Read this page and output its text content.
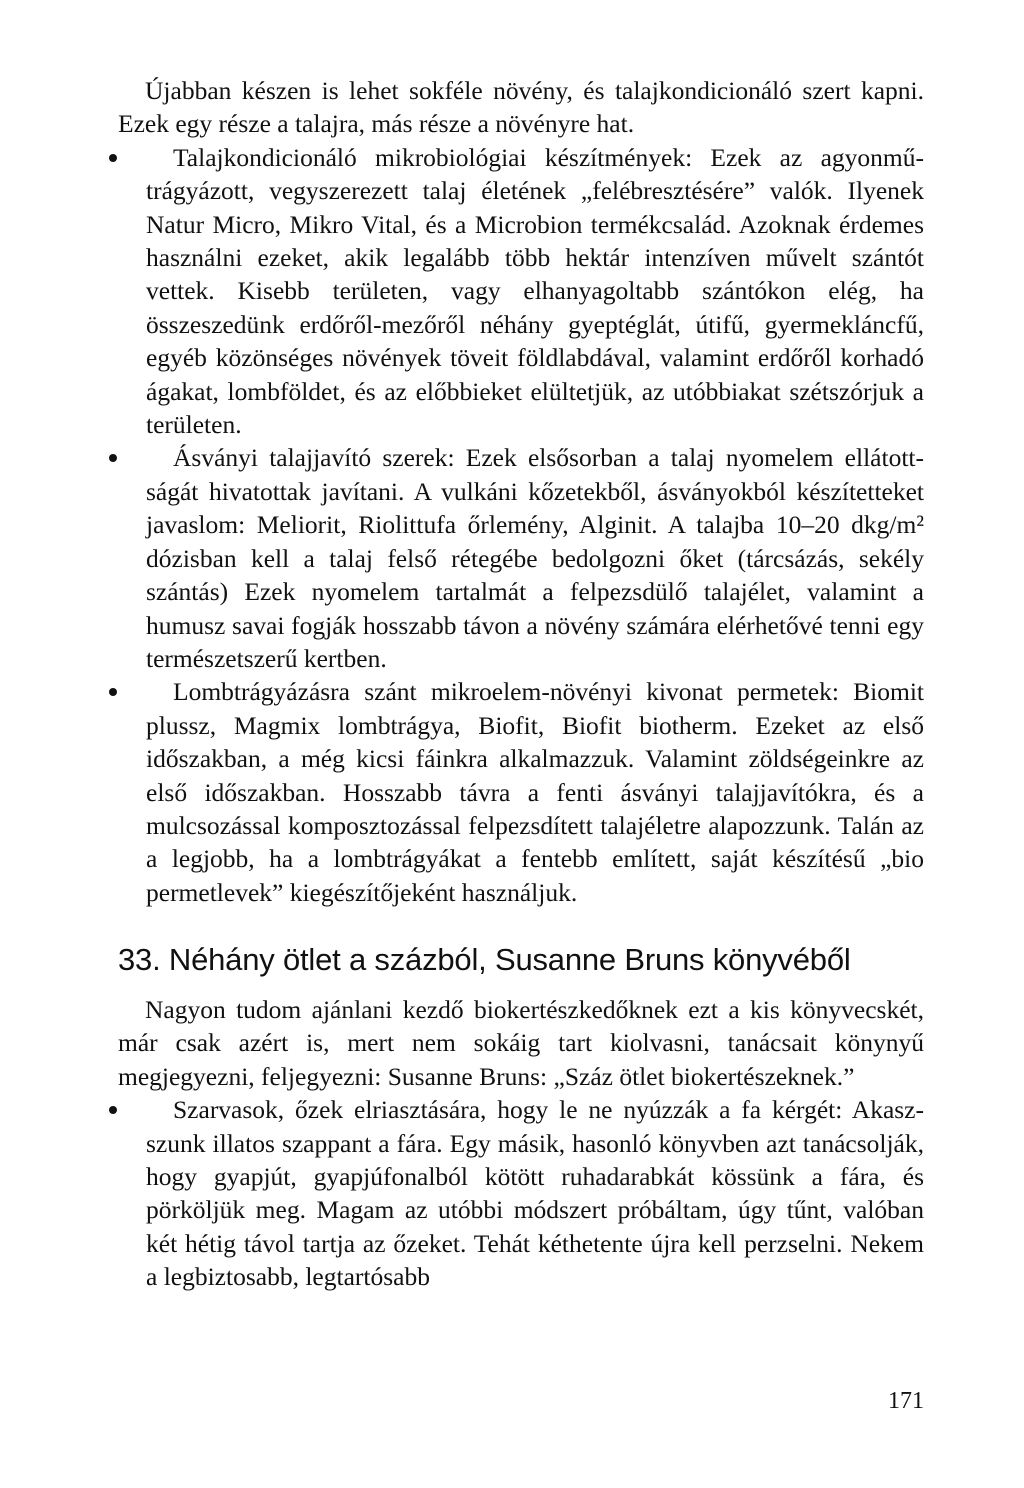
Újabban készen is lehet sokféle növény, és talajkondicionáló szert kapni. Ezek egy része a talajra, más része a növényre hat.

Talajkondicionáló mikrobiológiai készítmények: Ezek az agyonműtrágyázott, vegyszerezett talaj életének „felébresztésére” valók. Ilyenek Natur Micro, Mikro Vital, és a Microbion termékcsalád. Azoknak érdemes használni ezeket, akik legalább több hektár intenzíven művelt szántót vettek. Kisebb területen, vagy elhanyagoltabb szántókon elég, ha összeszedünk erdőről-mezőről néhány gyeptéglát, útifű, gyermekláncfű, egyéb közönséges növények töveit földlabdával, valamint erdőről korhadó ágakat, lombföldet, és az előbbieket elültetjük, az utóbbiakat szétszórjuk a területen.
Ásványi talajjavító szerek: Ezek elsősorban a talaj nyomelem ellátottságát hivatottak javítani. A vulkáni kőzetekből, ásványokból készítetteket javaslom: Meliorit, Riolittufa őrlemény, Alginit. A talajba 10–20 dkg/m² dózisban kell a talaj felső rétegébe bedolgozni őket (tárcsázás, sekély szántás) Ezek nyomelem tartalmát a felpezsdülő talajélet, valamint a humusz savai fogják hosszabb távon a növény számára elérhetővé tenni egy természetszerű kertben.
Lombtrágyázásra szánt mikroelem-növényi kivonat permetek: Biomit plussz, Magmix lombtrágya, Biofit, Biofit biotherm. Ezeket az első időszakban, a még kicsi fáinkra alkalmazzuk. Valamint zöldségeinkre az első időszakban. Hosszabb távra a fenti ásványi talajjavítókra, és a mulcsozással komposztozással felpezsdített talajéletre alapozzunk. Talán az a legjobb, ha a lombtrágyákat a fentebb említett, saját készítésű „bio permetlevek” kiegészítőjeként használjuk.
33. Néhány ötlet a százból, Susanne Bruns könyvéből

Nagyon tudom ajánlani kezdő biokertészkedőknek ezt a kis könyvecskét, már csak azért is, mert nem sokáig tart kiolvasni, tanácsait könynyű megjegyezni, feljegyezni: Susanne Bruns: „Száz ötlet biokertészeknek.”

Szarvasok, őzek elriasztására, hogy le ne nyúzzák a fa kérgét: Akaszszunk illatos szappant a fára. Egy másik, hasonló könyvben azt tanácsolják, hogy gyapjút, gyapjúfonalból kötött ruhadarabkát kössünk a fára, és pörköljük meg. Magam az utóbbi módszert próbáltam, úgy tűnt, valóban két hétig távol tartja az őzeket. Tehát kéthetente újra kell perzselni. Nekem a legbiztosabb, legtartósabb
171
